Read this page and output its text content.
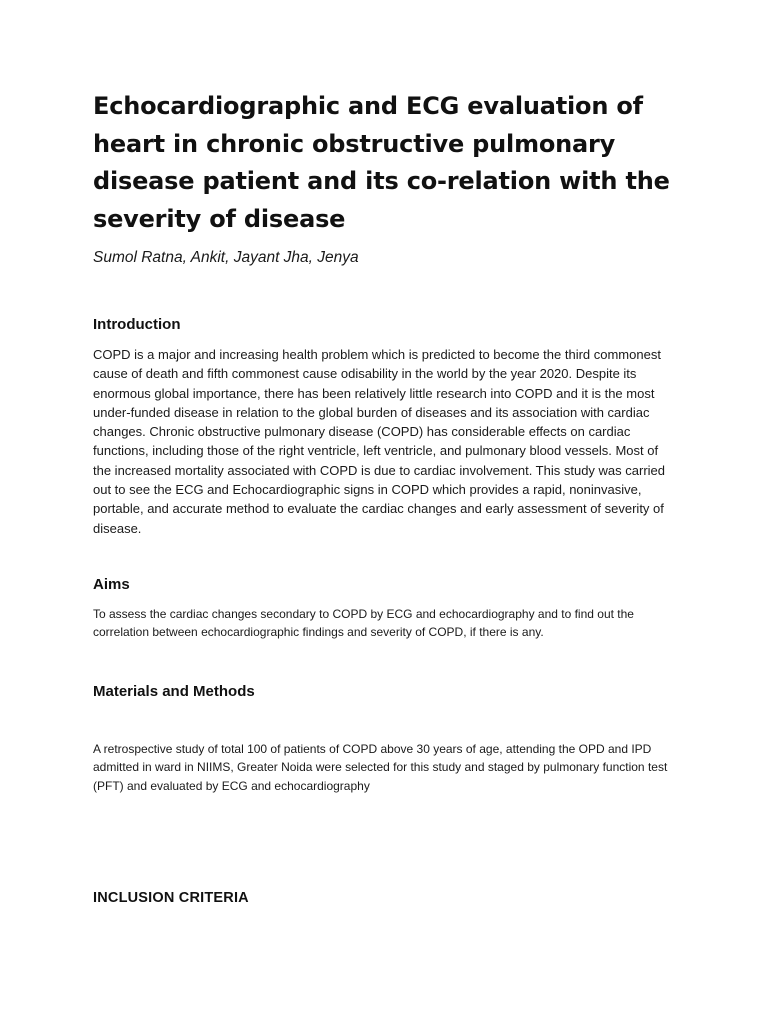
Echocardiographic and ECG evaluation of heart in chronic obstructive pulmonary disease patient and its co-relation with the severity of disease

Sumol Ratna, Ankit, Jayant Jha, Jenya

Introduction

COPD is a major and increasing health problem which is predicted to become the third commonest cause of death and fifth commonest cause odisability in the world by the year 2020. Despite its enormous global importance, there has been relatively little research into COPD and it is the most under-funded disease in relation to the global burden of diseases and its association with cardiac changes. Chronic obstructive pulmonary disease (COPD) has considerable effects on cardiac functions, including those of the right ventricle, left ventricle, and pulmonary blood vessels. Most of the increased mortality associated with COPD is due to cardiac involvement. This study was carried out to see the ECG and Echocardiographic signs in COPD which provides a rapid, noninvasive, portable, and accurate method to evaluate the cardiac changes and early assessment of severity of disease.

Aims

To assess the cardiac changes secondary to COPD by ECG and echocardiography and to find out the correlation between echocardiographic findings and severity of COPD, if there is any.

Materials and Methods

A retrospective study of total 100 of patients of COPD above 30 years of age, attending the OPD and IPD admitted in ward in NIIMS, Greater Noida were selected for this study and staged by pulmonary function test (PFT) and evaluated by ECG and echocardiography

INCLUSION CRITERIA
